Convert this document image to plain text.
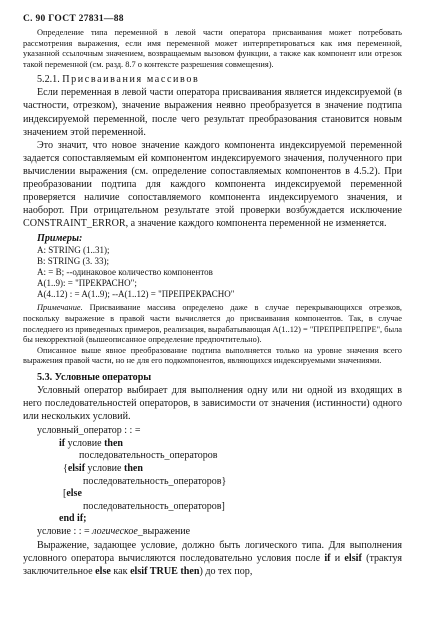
С. 90 ГОСТ 27831—88

Определение типа переменной в левой части оператора присваивания может потребовать рассмотрения выражения, если имя переменной может интерпретироваться как имя переменной, указанной ссылочным значением, возвращаемым вызовом функции, а также как компонент или отрезок такой переменной (см. разд. 8.7 о контексте разрешения совмещения).

5.2.1. Присваивания массивов

Если переменная в левой части оператора присваивания является индексируемой (в частности, отрезком), значение выражения неявно преобразуется в значение подтипа индексируемой переменной, после чего результат преобразования становится новым значением этой переменной.

Это значит, что новое значение каждого компонента индексируемой переменной задается сопоставляемым ей компонентом индексируемого значения, полученного при вычислении выражения (см. определение сопоставляемых компонентов в 4.5.2). При преобразовании подтипа для каждого компонента индексируемой переменной проверяется наличие сопоставляемого компонента индексируемого значения, и наоборот. При отрицательном результате этой проверки возбуждается исключение CONSTRAINT_ERROR, а значение каждого компонента переменной не изменяется.

Примеры:

A: STRING (1..31);

B: STRING (3. 33);

A: = B; --одинаковое количество компонентов

A(1..9): = "ПРЕКРАСНО";

A(4..12) : = A(1..9); --A(1..12) = "ПРЕПРЕКРАСНО"

Примечание. Присваивание массива определено даже в случае перекрывающихся отрезков, поскольку выражение в правой части вычисляется до присваивания компонентов. Так, в случае последнего из приведенных примеров, реализация, вырабатывающая A(1..12) = "ПРЕПРЕПРЕПРЕ", была бы некорректной (вышеописанное определение предпочтительно).

Описанное выше явное преобразование подтипа выполняется только на уровне значения всего выражения правой части, но не для его подкомпонентов, являющихся индексируемыми значениями.

5.3. Условные операторы

Условный оператор выбирает для выполнения одну или ни одной из входящих в него последовательностей операторов, в зависимости от значения (истинности) одного или нескольких условий.

условный_оператор : : =

if условие then

последовательность_операторов

{elsif условие then

последовательность_операторов}

[else

последовательность_операторов]

end if;

условие : : = логическое_выражение

Выражение, задающее условие, должно быть логического типа. Для выполнения условного оператора вычисляются последовательно условия после if и elsif (трактуя заключительное else как elsif TRUE then) до тех пор,
